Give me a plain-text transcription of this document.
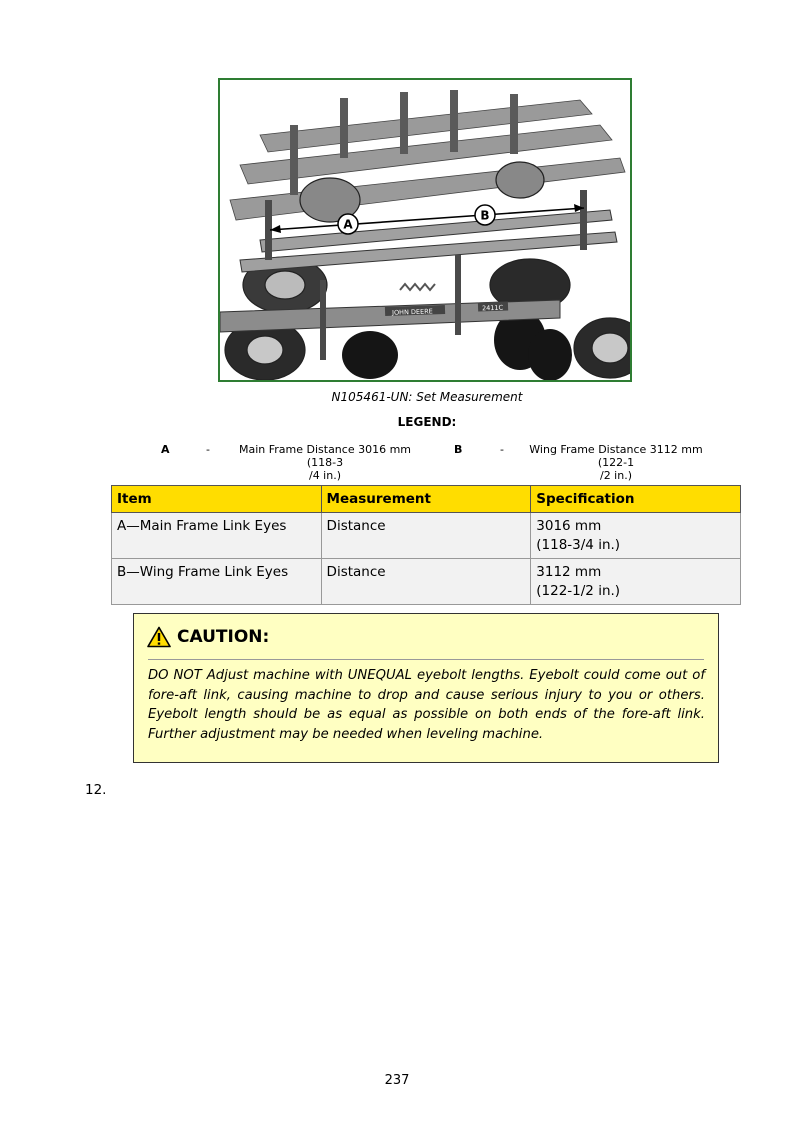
JOHN DEERE	2411C
A
B
N105461-UN: Set Measurement
LEGEND:
A	-	Main Frame Distance 3016 mm (118-3
/4 in.)
B	-	Wing Frame Distance 3112 mm (122-1
/2 in.)
Item	Measurement	Specification
A—Main Frame Link Eyes	Distance	3016 mm
(118-3/4 in.)
B—Wing Frame Link Eyes	Distance	3112 mm
(122-1/2 in.)
CAUTION:
DO NOT Adjust machine with UNEQUAL eyebolt lengths. Eyebolt could come out of fore-aft link, causing machine to drop and cause serious injury to you or others. Eyebolt length should be as equal as possible on both ends of the fore-aft link. Further adjustment may be needed when leveling machine.
12.
237
